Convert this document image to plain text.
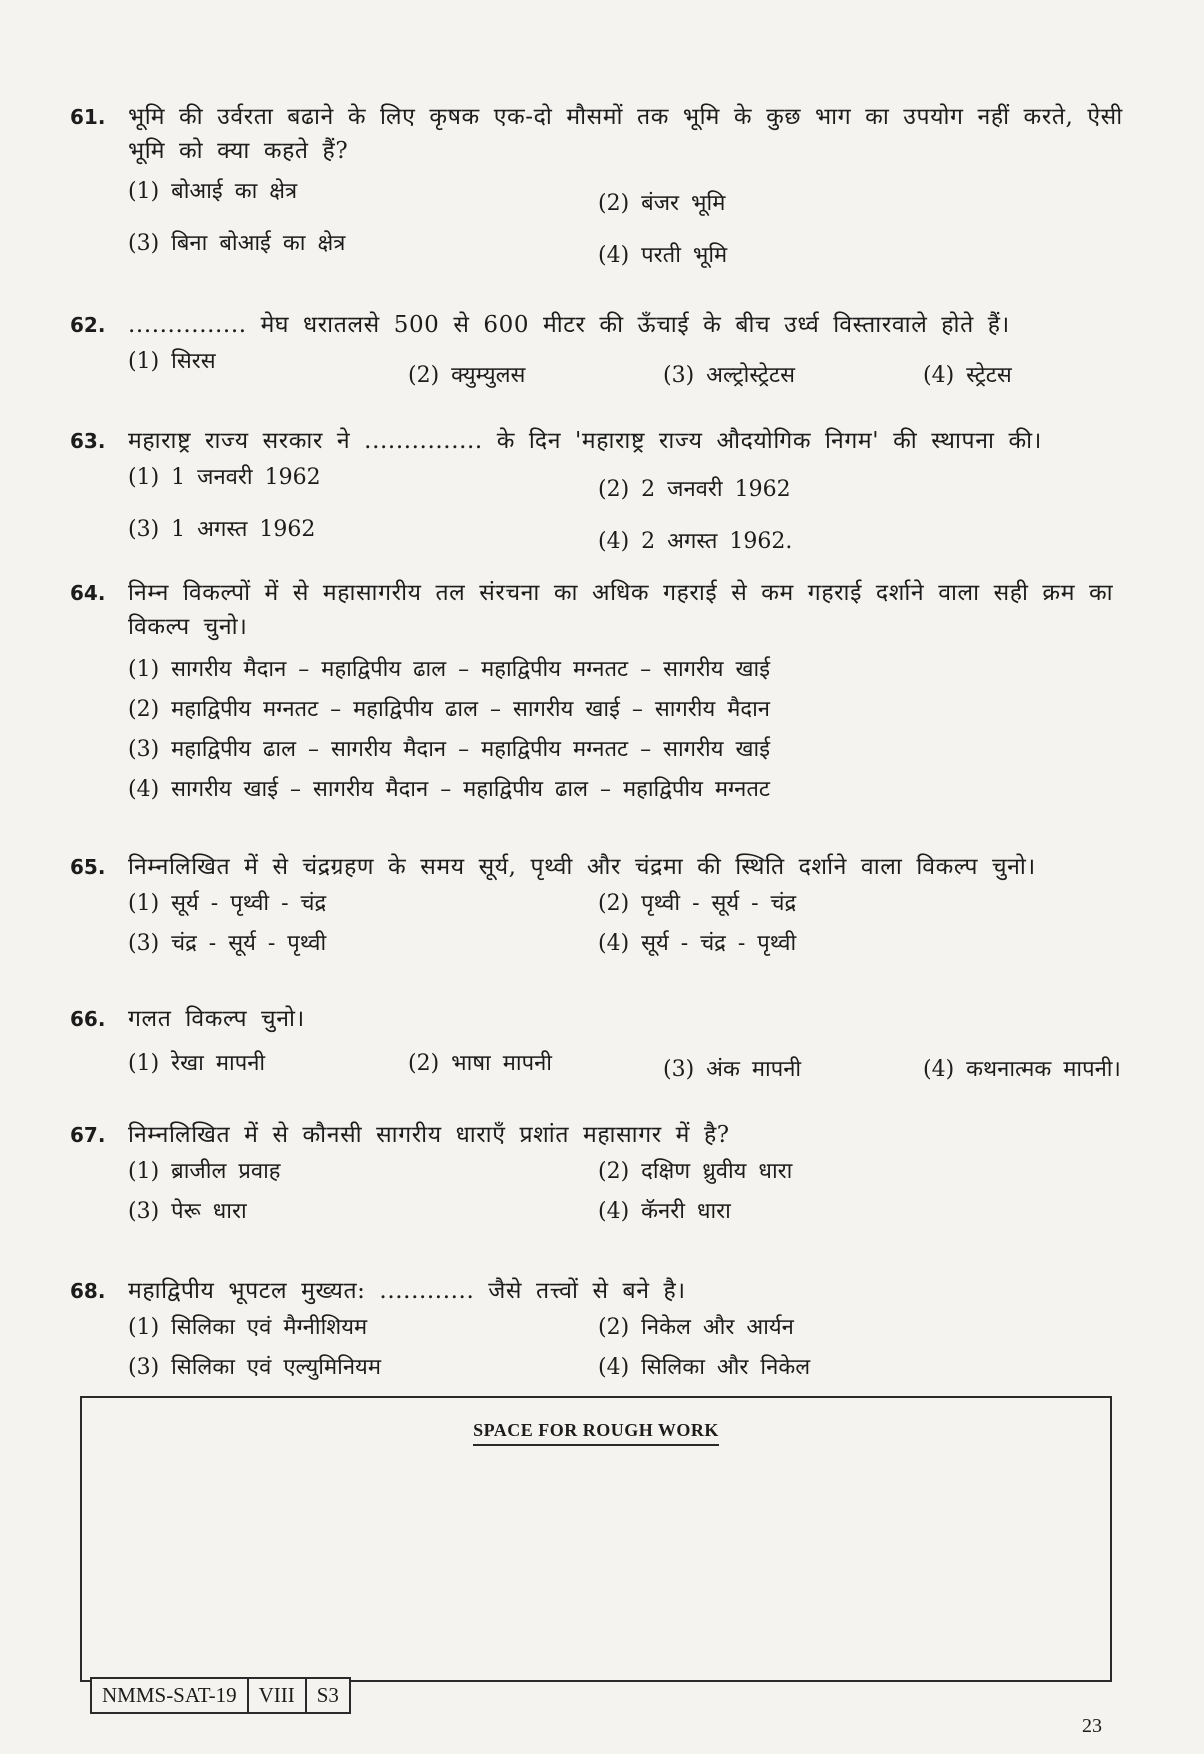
61. भूमि की उर्वरता बढाने के लिए कृषक एक-दो मौसमों तक भूमि के कुछ भाग का उपयोग नहीं करते, ऐसी भूमि को क्या कहते हैं?
(1) बोआई का क्षेत्र	(2) बंजर भूमि
(3) बिना बोआई का क्षेत्र	(4) परती भूमि
62. ............... मेघ धरातलसे 500 से 600 मीटर की ऊँचाई के बीच उर्ध्व विस्तारवाले होते हैं।
(1) सिरस
(2) क्युम्युलस	(3) अल्ट्रोस्ट्रेटस	(4) स्ट्रेटस
63. महाराष्ट्र राज्य सरकार ने ............... के दिन 'महाराष्ट्र राज्य औदयोगिक निगम' की स्थापना की।
(1) 1 जनवरी 1962	(2) 2 जनवरी 1962
(3) 1 अगस्त 1962	(4) 2 अगस्त 1962.
64. निम्न विकल्पों में से महासागरीय तल संरचना का अधिक गहराई से कम गहराई दर्शाने वाला सही क्रम का विकल्प चुनो।
(1) सागरीय मैदान – महाद्विपीय ढाल – महाद्विपीय मग्नतट – सागरीय खाई
(2) महाद्विपीय मग्नतट – महाद्विपीय ढाल – सागरीय खाई – सागरीय मैदान
(3) महाद्विपीय ढाल – सागरीय मैदान – महाद्विपीय मग्नतट – सागरीय खाई
(4) सागरीय खाई – सागरीय मैदान – महाद्विपीय ढाल – महाद्विपीय मग्नतट
65. निम्नलिखित में से चंद्रग्रहण के समय सूर्य, पृथ्वी और चंद्रमा की स्थिति दर्शाने वाला विकल्प चुनो।
(1) सूर्य - पृथ्वी - चंद्र	(2) पृथ्वी - सूर्य - चंद्र
(3) चंद्र - सूर्य - पृथ्वी	(4) सूर्य - चंद्र - पृथ्वी
66. गलत विकल्प चुनो।
(1) रेखा मापनी	(2) भाषा मापनी	(3) अंक मापनी	(4) कथनात्मक मापनी।
67. निम्नलिखित में से कौनसी सागरीय धाराएँ प्रशांत महासागर में है?
(1) ब्राजील प्रवाह	(2) दक्षिण ध्रुवीय धारा
(3) पेरू धारा	(4) कॅनरी धारा
68. महाद्विपीय भूपटल मुख्यत: ............ जैसे तत्त्वों से बने है।
(1) सिलिका एवं मैग्नीशियम	(2) निकेल और आर्यन
(3) सिलिका एवं एल्युमिनियम	(4) सिलिका और निकेल
SPACE FOR ROUGH WORK
NMMS-SAT-19	VIII	S3
23
